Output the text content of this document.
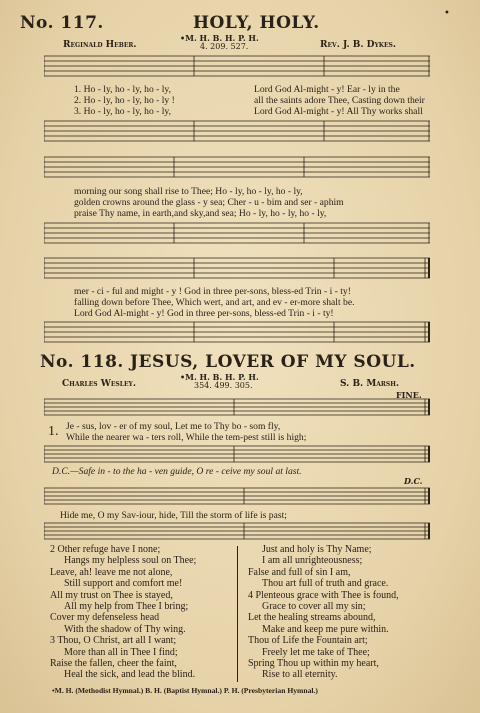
•
No. 117.	HOLY, HOLY.
•M. H. B. H. P. H.
4. 209. 527.
Reginald Heber.	Rev. J. B. Dykes.
1. Ho - ly, ho - ly, ho - ly,
2. Ho - ly, ho - ly, ho - ly !
3. Ho - ly, ho - ly, ho - ly,
Lord God Al-might - y! Ear - ly in the
all the saints adore Thee, Casting down their
Lord God Al-might - y! All Thy works shall
morning our song shall rise to Thee; Ho - ly, ho - ly, ho - ly,
golden crowns around the glass - y sea; Cher - u - bim and ser - aphim
praise Thy name, in earth,and sky,and sea; Ho - ly, ho - ly, ho - ly,
mer - ci - ful and might - y ! God in three per-sons, bless-ed Trin - i - ty!
falling down before Thee, Which wert, and art, and ev - er-more shalt be.
Lord God Al-might - y! God in three per-sons, bless-ed Trin - i - ty!
No. 118. JESUS, LOVER OF MY SOUL.
•M. H. B. H. P. H.
354. 499. 305.
Charles Wesley.	S. B. Marsh.
FINE.
1. Je - sus, lov - er of my soul, Let me to Thy bo - som fly,
While the nearer wa - ters roll, While the tem-pest still is high;
D.C.—Safe in - to the ha - ven guide, O re - ceive my soul at last.
D.C.
Hide me, O my Sav-iour, hide, Till the storm of life is past;
2 Other refuge have I none;
Hangs my helpless soul on Thee;
Leave, ah! leave me not alone,
Still support and comfort me!
All my trust on Thee is stayed,
All my help from Thee I bring;
Cover my defenseless head
With the shadow of Thy wing.
3 Thou, O Christ, art all I want;
More than all in Thee I find;
Raise the fallen, cheer the faint,
Heal the sick, and lead the blind.
Just and holy is Thy Name;
I am all unrighteousness;
False and full of sin I am,
Thou art full of truth and grace.
4 Plenteous grace with Thee is found,
Grace to cover all my sin;
Let the healing streams abound,
Make and keep me pure within.
Thou of Life the Fountain art;
Freely let me take of Thee;
Spring Thou up within my heart,
Rise to all eternity.
•M. H. (Methodist Hymnal.) B. H. (Baptist Hymnal.) P. H. (Presbyterian Hymnal.)
